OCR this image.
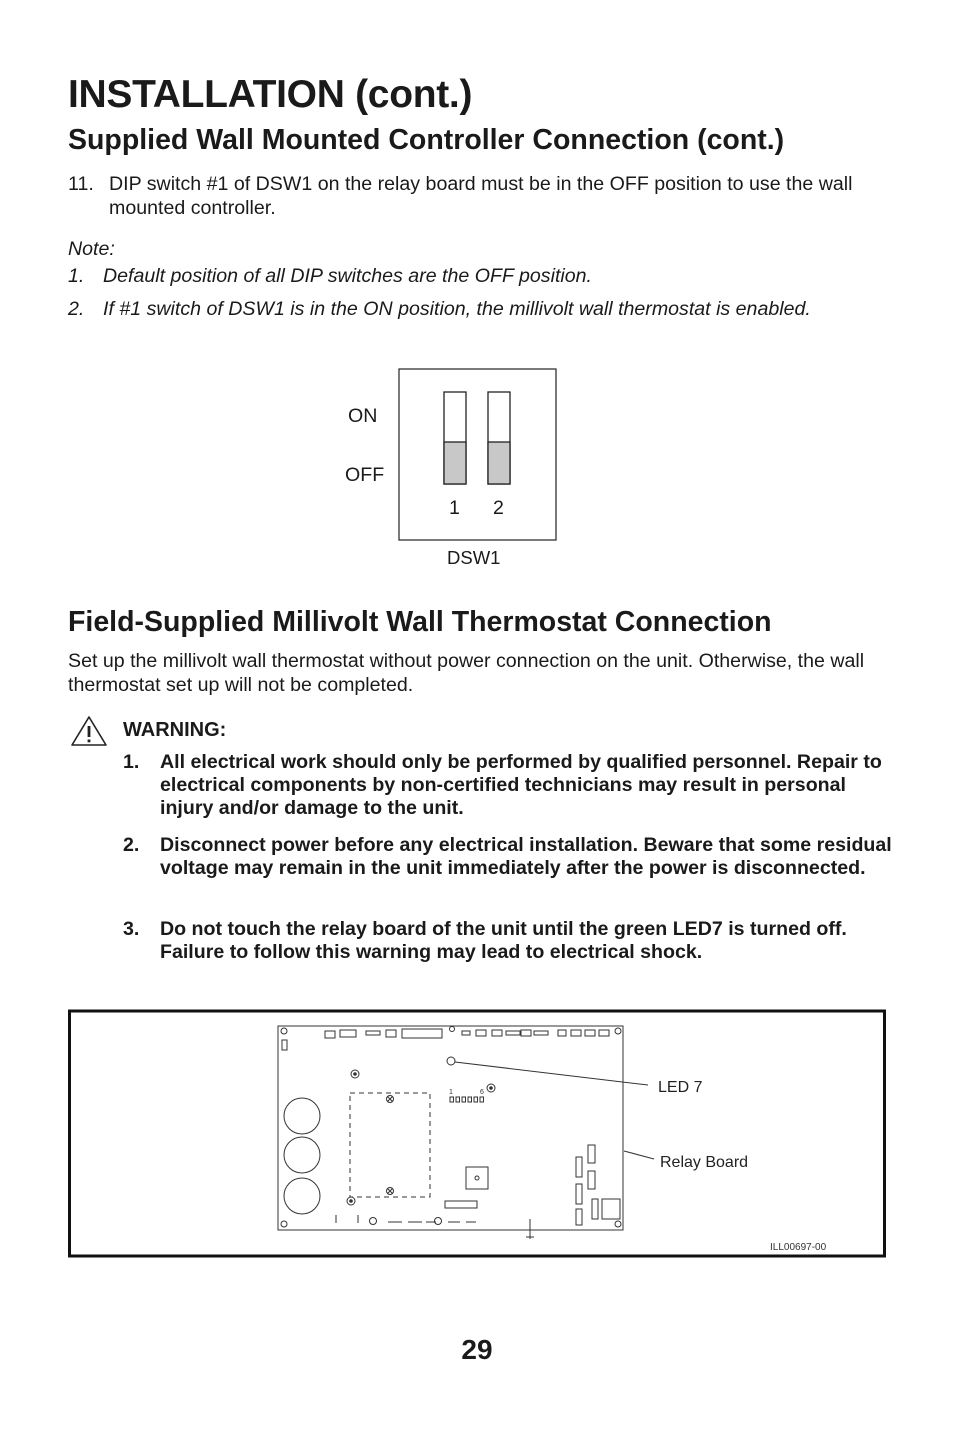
INSTALLATION (cont.)
Supplied Wall Mounted Controller Connection (cont.)
11. DIP switch #1 of DSW1 on the relay board must be in the OFF position to use the wall mounted controller.
Note:
1. Default position of all DIP switches are the OFF position.
2. If #1 switch of DSW1 is in the ON position, the millivolt wall thermostat is enabled.
ON
OFF
1 2
DSW1
Field-Supplied Millivolt Wall Thermostat Connection
Set up the millivolt wall thermostat without power connection on the unit. Otherwise, the wall thermostat set up will not be completed.
WARNING:
1. All electrical work should only be performed by qualified personnel. Repair to electrical components by non-certified technicians may result in personal injury and/or damage to the unit.
2. Disconnect power before any electrical installation. Beware that some residual voltage may remain in the unit immediately after the power is disconnected.
3. Do not touch the relay board of the unit until the green LED7 is turned off. Failure to follow this warning may lead to electrical shock.
1	6	LED 7
Relay Board
ILL00697-00
29
